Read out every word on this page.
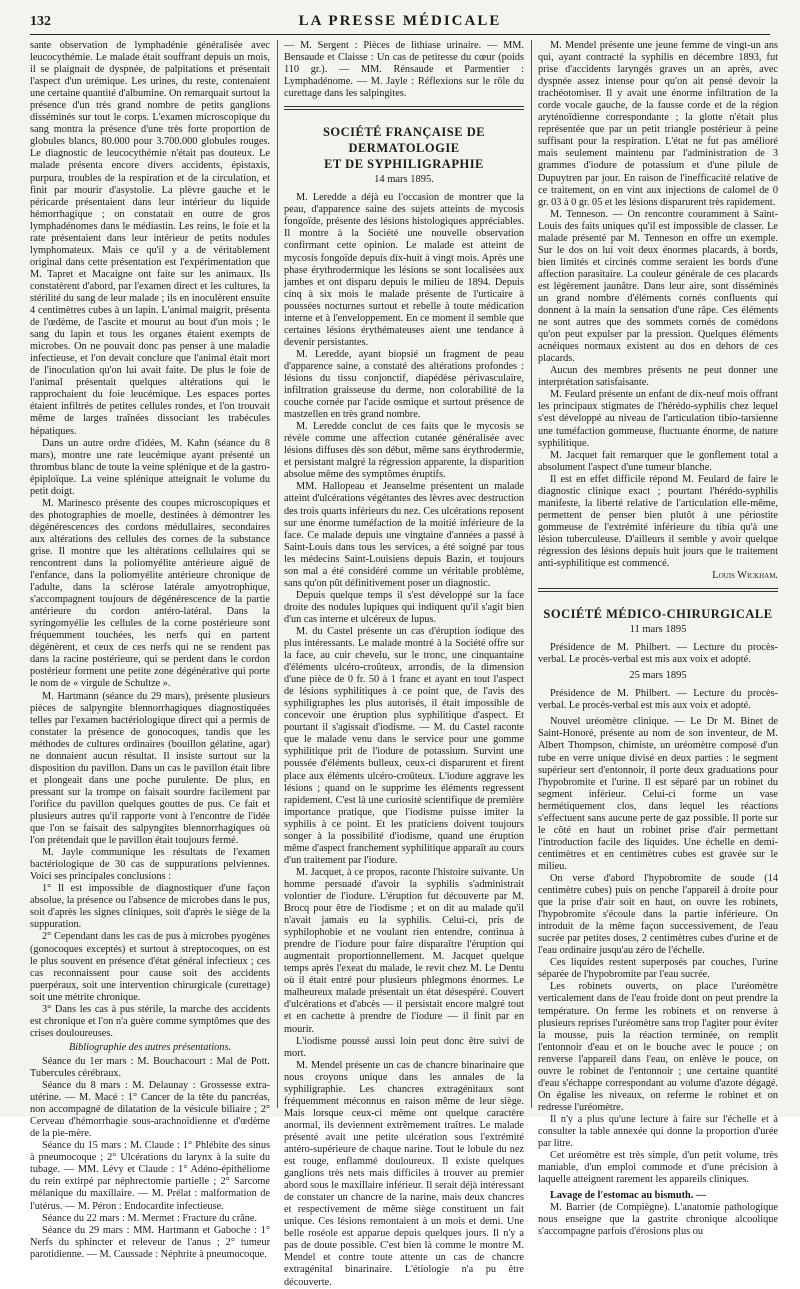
132	LA PRESSE MÉDICALE

sante observation de lymphadénie généralisée avec leucocythémie. Le malade était souffrant depuis un mois, il se plaignait de dyspnée, de palpitations et présentait l'aspect d'un urémique. Les urines, du reste, contenaient une certaine quantité d'albumine. On remarquait surtout la présence d'un très grand nombre de petits ganglions disséminés sur tout le corps. L'examen microscopique du sang montra la présence d'une très forte proportion de globules blancs, 80.000 pour 3.700.000 globules rouges. Le diagnostic de leucocythémie n'était pas douteux. Le malade présenta encore divers accidents, épistaxis, purpura, troubles de la respiration et de la circulation, et finit par mourir d'asystolie. La plèvre gauche et le péricarde présentaient dans leur intérieur du liquide hémorrhagique ; on constatait en outre de gros lymphadénomes dans le médiastin. Les reins, le foie et la rate présentaient dans leur intérieur de petits nodules lymphomateux. Mais ce qu'il y a de véritablement original dans cette présentation est l'expérimentation que M. Tapret et Macaigne ont faite sur les animaux. Ils constatèrent d'abord, par l'examen direct et les cultures, la stérilité du sang de leur malade ; ils en inoculèrent ensuite 4 centimètres cubes à un lapin. L'animal maigrit, présenta de l'œdème, de l'ascite et mourut au bout d'un mois ; le sang du lapin et tous les organes étaient exempts de microbes. On ne pouvait donc pas penser à une maladie infectieuse, et l'on devait conclure que l'animal était mort de l'inoculation qu'on lui avait faite. De plus le foie de l'animal présentait quelques altérations qui le rapprochaient du foie leucémique. Les espaces portes étaient infiltrés de petites cellules rondes, et l'on trouvait même de larges traînées dissociant les trabécules hépatiques.

Dans un autre ordre d'idées, M. Kahn (séance du 8 mars), montre une rate leucémique ayant présenté un thrombus blanc de toute la veine splénique et de la gastro-épiploïque. La veine splénique atteignait le volume du petit doigt.

M. Marinesco présente des coupes microscopiques et des photographies de moelle, destinées à démontrer les dégénérescences des cordons médullaires, secondaires aux altérations des cellules des cornes de la substance grise. Il montre que les altérations cellulaires qui se rencontrent dans la poliomyélite antérieure aiguë de l'enfance, dans la poliomyélite antérieure chronique de l'adulte, dans la sclérose latérale amyotrophique, s'accompagnent toujours de dégénérescence de la partie antérieure du cordon antéro-latéral. Dans la syringomyélie les cellules de la corne postérieure sont fréquemment touchées, les nerfs qui en partent dégénèrent, et ceux de ces nerfs qui ne se rendent pas dans la racine postérieure, qui se perdent dans le cordon postérieur forment une petite zone dégénérative qui porte le nom de « virgule de Schultze ».

M. Hartmann (séance du 29 mars), présente plusieurs pièces de salpyngite blennorrhagiques diagnostiquées telles par l'examen bactériologique direct qui a permis de constater la présence de gonocoques, tandis que les méthodes de cultures ordinaires (bouillon gélatine, agar) ne donnaient aucun résultat. Il insiste surtout sur la disposition du pavillon. Dans un cas le pavillon était libre et plongeait dans une poche purulente. De plus, en pressant sur la trompe on faisait sourdre facilement par l'orifice du pavillon quelques gouttes de pus. Ce fait et plusieurs autres qu'il rapporte vont à l'encontre de l'idée que l'on se faisait des salpyngites blennorrhagiques où l'on prétendait que le pavillon était toujours fermé.

M. Jayle communique les résultats de l'examen bactériologique de 30 cas de suppurations pelviennes. Voici ses principales conclusions :

1° Il est impossible de diagnostiquer d'une façon absolue, la présence ou l'absence de microbes dans le pus, soit d'après les signes cliniques, soit d'après le siège de la suppuration.

2° Cependant dans les cas de pus à microbes pyogènes (gonocoques exceptés) et surtout à streptocoques, on est le plus souvent en présence d'état général infectieux ; ces cas reconnaissent pour cause soit des accidents puerpéraux, soit une intervention chirurgicale (curettage) soit une métrite chronique.

3° Dans les cas à pus stérile, la marche des accidents est chronique et l'on n'a guère comme symptômes que des crises douloureuses.

Bibliographie des autres présentations.

Séance du 1er mars : M. Bouchacourt : Mal de Pott. Tubercules cérébraux.

Séance du 8 mars : M. Delaunay : Grossesse extra-utérine. — M. Macé : 1° Cancer de la tête du pancréas, non accompagné de dilatation de la vésicule biliaire ; 2° Cerveau d'hémorrhagie sous-arachnoïdienne et d'œdème de la pie-mère.

Séance du 15 mars : M. Claude : 1° Phlébite des sinus à pneumocoque ; 2° Ulcérations du larynx à la suite du tubage. — MM. Lévy et Claude : 1° Adéno-épithéliome du rein extirpé par néphrectomie partielle ; 2° Sarcome mélanique du maxillaire. — M. Prélat : malformation de l'utérus. — M. Péron : Endocardite infectieuse.

Séance du 22 mars : M. Mermet : Fracture du crâne.

Séance du 29 mars : MM. Hartmann et Gaboche : 1° Nerfs du sphincter et releveur de l'anus ; 2° tumeur parotidienne. — M. Caussade : Néphrite à pneumocoque.

— M. Sergent : Pièces de lithiase urinaire. — MM. Bensaude et Claisse : Un cas de petitesse du cœur (poids 110 gr.). — MM. Rénsaude et Parmentier : Lymphadénome. — M. Jayle : Réflexions sur le rôle du curettage dans les salpingites.

SOCIÉTÉ FRANÇAISE DE DERMATOLOGIE
ET DE SYPHILIGRAPHIE
14 mars 1895.

M. Leredde a déjà eu l'occasion de montrer que la peau, d'apparence saine des sujets atteints de mycosis fongoïde, présente des lésions histologiques appréciables. Il montre à la Société une nouvelle observation confirmant cette opinion. Le malade est atteint de mycosis fongoïde depuis dix-huit à vingt mois. Après une phase érythrodermique les lésions se sont localisées aux jambes et ont disparu depuis le milieu de 1894. Depuis cinq à six mois le malade présente de l'urticaire à poussées nocturnes surtout et rebelle à toute médication interne et à l'enveloppement. En ce moment il semble que certaines lésions érythémateuses aient une tendance à devenir persistantes.

M. Leredde, ayant biopsié un fragment de peau d'apparence saine, a constaté des altérations profondes : lésions du tissu conjonctif, diapédèse périvasculaire, infiltration graisseuse du derme, non colorabilité de la couche cornée par l'acide osmique et surtout présence de mastzellen en très grand nombre.

M. Leredde conclut de ces faits que le mycosis se révèle comme une affection cutanée généralisée avec lésions diffuses dès son début, même sans érythrodermie, et persistant malgré la régression apparente, la disparition absolue même des symptômes éruptifs.

MM. Hallopeau et Jeanselme présentent un malade atteint d'ulcérations végétantes des lèvres avec destruction des trois quarts inférieurs du nez. Ces ulcérations reposent sur une énorme tuméfaction de la moitié inférieure de la face. Ce malade depuis une vingtaine d'années a passé à Saint-Louis dans tous les services, a été soigné par tous les médecins Saint-Louisiens depuis Bazin, et toujours son mal a été considéré comme un véritable problème, sans qu'on pût définitivement poser un diagnostic.

Depuis quelque temps il s'est développé sur la face droite des nodules lupiques qui indiquent qu'il s'agit bien d'un cas interne et ulcéreux de lupus.

M. du Castel présente un cas d'éruption iodique des plus intéressants. Le malade montré à la Société offre sur la face, au cuir chevelu, sur le tronc, une cinquantaine d'éléments ulcéro-croûteux, arrondis, de la dimension d'une pièce de 0 fr. 50 à 1 franc et ayant en tout l'aspect de lésions syphilitiques à ce point que, de l'avis des syphiligraphes les plus autorisés, il était impossible de concevoir une éruption plus syphilitique d'aspect. Et pourtant il s'agissait d'iodisme. — M. du Castel raconte que le malade venu dans le service pour une gomme syphilitique prit de l'iodure de potassium. Survint une poussée d'éléments bulleux, ceux-ci disparurent et firent place aux éléments ulcéro-croûteux. L'iodure aggrave les lésions ; quand on le supprime les éléments regressent rapidement. C'est là une curiosité scientifique de première importance pratique, que l'iodisme puisse imiter la syphilis à ce point. Et les praticiens doivent toujours songer à la possibilité d'iodisme, quand une éruption même d'aspect franchement syphilitique apparaît au cours d'un traitement par l'iodure.

M. Jacquet, à ce propos, raconte l'histoire suivante. Un homme persuadé d'avoir la syphilis s'administrait volontier de l'iodure. L'éruption fut découverte par M. Brocq pour être de l'iodisme ; et on dit au malade qu'il n'avait jamais eu la syphilis. Celui-ci, pris de syphilophobie et ne voulant rien entendre, continua à prendre de l'iodure pour faire disparaître l'éruption qui augmentait proportionnellement. M. Jacquet quelque temps après l'exeat du malade, le revit chez M. Le Dentu où il était entré pour plusieurs phlegmons énormes. Le malheureux malade présentait un état désespéré. Couvert d'ulcérations et d'abcès — il persistait encore malgré tout et en cachette à prendre de l'iodure — il finit par en mourir.

L'iodisme poussé aussi loin peut donc être suivi de mort.

M. Mendel présente un cas de chancre binarinaire que nous croyons unique dans les annales de la syphiligraphie. Les chancres extragénitaux sont fréquemment méconnus en raison même de leur siège. Mais lorsque ceux-ci même ont quelque caractère anormal, ils deviennent extrêmement traîtres. Le malade présenté avait une petite ulcération sous l'extrémité antéro-supérieure de chaque narine. Tout le lobule du nez est rouge, enflammé douloureux. Il existe quelques ganglions très nets mais difficiles à trouver au premier abord sous le maxillaire inférieur. Il serait déjà intéressant de constater un chancre de la narine, mais deux chancres et respectivement de même siège constituent un fait unique. Ces lésions remontaient à un mois et demi. Une belle roséole est apparue depuis quelques jours. Il n'y a pas de doute possible. C'est bien là comme le montre M. Mendel et contre toute attente un cas de chancre extragénital binarinaire. L'étiologie n'a pu être découverte.

M. Mendel présente une jeune femme de vingt-un ans qui, ayant contracté la syphilis en décembre 1893, fut prise d'accidents laryngés graves un an après, avec dyspnée assez intense pour qu'on ait pensé devoir la trachéotomiser. Il y avait une énorme infiltration de la corde vocale gauche, de la fausse corde et de la région aryténoïdienne correspondante ; la glotte n'était plus représentée que par un petit triangle postérieur à peine suffisant pour la respiration. L'état ne fut pas amélioré mais seulement maintenu par l'administration de 3 grammes d'iodure de potassium et d'une pilule de Dupuytren par jour. En raison de l'inefficacité relative de ce traitement, on en vint aux injections de calomel de 0 gr. 03 à 0 gr. 05 et les lésions disparurent très rapidement.

M. Tenneson. — On rencontre couramment à Saint-Louis des faits uniques qu'il est impossible de classer. Le malade présenté par M. Tenneson en offre un exemple. Sur le dos on lui voit deux énormes placards, à bords, bien limités et circinés comme seraient les bords d'une affection parasitaire. La couleur générale de ces placards est légèrement jaunâtre. Dans leur aire, sont disséminés un grand nombre d'éléments cornés confluents qui donnent à la main la sensation d'une râpe. Ces éléments ne sont autres que des sommets cornés de comédons qu'on peut expulser par la pression. Quelques éléments acnéiques normaux existent au dos en dehors de ces placards.

Aucun des membres présents ne peut donner une interprétation satisfaisante.

M. Feulard présente un enfant de dix-neuf mois offrant les principaux stigmates de l'hérédo-syphilis chez lequel s'est développé au niveau de l'articulation tibio-tarsienne une tuméfaction gommeuse, fluctuante énorme, de nature syphilitique.

M. Jacquet fait remarquer que le gonflement total a absolument l'aspect d'une tumeur blanche.

Il est en effet difficile répond M. Feulard de faire le diagnostic clinique exact ; pourtant l'hérédo-syphilis manifeste, la liberté relative de l'articulation elle-même, permettent de penser bien plutôt à une périostite gommeuse de l'extrémité inférieure du tibia qu'à une lésion tuberculeuse. D'ailleurs il semble y avoir quelque régression des lésions depuis huit jours que le traitement anti-syphilitique est commencé.

Louis Wickham.

SOCIÉTÉ MÉDICO-CHIRURGICALE
11 mars 1895

Présidence de M. Philbert. — Lecture du procès-verbal. Le procès-verbal est mis aux voix et adopté.

25 mars 1895

Présidence de M. Philbert. — Lecture du procès-verbal. Le procès-verbal est mis aux voix et adopté.

Nouvel uréomètre clinique. — Le Dr M. Binet de Saint-Honoré, présente au nom de son inventeur, de M. Albert Thompson, chimiste, un uréomètre composé d'un tube en verre unique divisé en deux parties : le segment supérieur sert d'entonnoir, il porte deux graduations pour l'hypobromite et l'urine. Il est séparé par un robinet du segment inférieur. Celui-ci forme un vase hermétiquement clos, dans lequel les réactions s'effectuent sans aucune perte de gaz possible. Il porte sur le côté en haut un robinet prise d'air permettant l'introduction facile des liquides. Une échelle en demi-centimètres et en centimètres cubes est gravée sur le milieu.

On verse d'abord l'hypobromite de soude (14 centimètre cubes) puis on penche l'appareil à droite pour que la prise d'air soit en haut, on ouvre les robinets, l'hypobromite s'écoule dans la partie inférieure. On introduit de la même façon successivement, de l'eau sucrée par petites doses, 2 centimètres cubes d'urine et de l'eau ordinaire jusqu'au zéro de l'échelle.

Ces liquides restent superposés par couches, l'urine séparée de l'hypobromite par l'eau sucrée.

Les robinets ouverts, on place l'uréomètre verticalement dans de l'eau froide dont on peut prendre la température. On ferme les robinets et on renverse à plusieurs reprises l'uréomètre sans trop l'agiter pour éviter la mousse, puis la réaction terminée, on remplit l'entonnoir d'eau et on le bouche avec le pouce ; on renverse l'appareil dans l'eau, on enlève le pouce, on ouvre le robinet de l'entonnoir ; une certaine quantité d'eau s'échappe correspondant au volume d'azote dégagé. On égalise les niveaux, on referme le robinet et on redresse l'uréomètre.

Il n'y a plus qu'une lecture à faire sur l'échelle et à consulter la table annexée qui donne la proportion d'urée par litre.

Cet uréomètre est très simple, d'un petit volume, très maniable, d'un emploi commode et d'une précision à laquelle atteignent rarement les appareils cliniques.

Lavage de l'estomac au bismuth. —

M. Barrier (de Compiègne). L'anatomie pathologique nous enseigne que la gastrite chronique alcoolique s'accompagne parfois d'érosions plus ou
